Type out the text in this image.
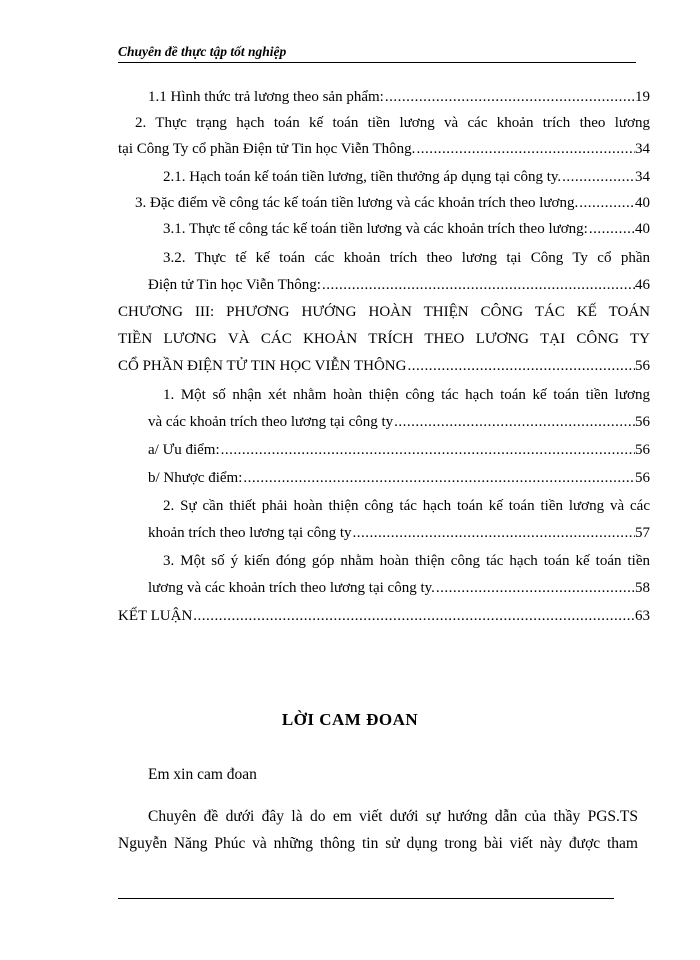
Chuyên đề thực tập tốt nghiệp
1.1 Hình thức trả lương theo sản phẩm: .....	19
2. Thực trạng hạch toán kế toán tiền lương và các khoản trích theo lương
tại Công Ty cổ phần Điện tử Tin học Viễn Thông. .....	34
2.1. Hạch toán kế toán tiền lương, tiền thưởng áp dụng tại công ty. .....	34
3. Đặc điểm về công tác kế toán tiền lương và các khoản trích theo lương. .....	40
3.1. Thực tế công tác kế toán tiền lương và các khoản trích theo lương: .....	40
3.2. Thực tế kế toán các khoản trích theo lương tại Công Ty cổ phần
Điện tử Tin học Viễn Thông: .....	46
CHƯƠNG III: PHƯƠNG HƯỚNG HOÀN THIỆN CÔNG TÁC KẾ TOÁN
TIỀN LƯƠNG VÀ CÁC KHOẢN TRÍCH THEO LƯƠNG TẠI CÔNG TY
CỔ PHẦN ĐIỆN TỬ TIN HỌC VIỄN THÔNG .....	56
1. Một số nhận xét nhằm hoàn thiện công tác hạch toán kế toán tiền lương
và các khoản trích theo lương tại công ty .....	56
a/ Ưu điểm: .....	56
b/ Nhược điểm: .....	56
2. Sự cần thiết phải hoàn thiện công tác hạch toán kế toán tiền lương và các
khoản trích theo lương tại công ty .....	57
3. Một số ý kiến đóng góp nhằm hoàn thiện công tác hạch toán kế toán tiền
lương và các khoản trích theo lương tại công ty. .....	58
KẾT LUẬN .....	63
LỜI CAM ĐOAN
Em xin cam đoan
Chuyên đề dưới đây là do em viết dưới sự hướng dẫn của thầy PGS.TS
Nguyễn Năng Phúc và những thông tin sử dụng trong bài viết này được tham
